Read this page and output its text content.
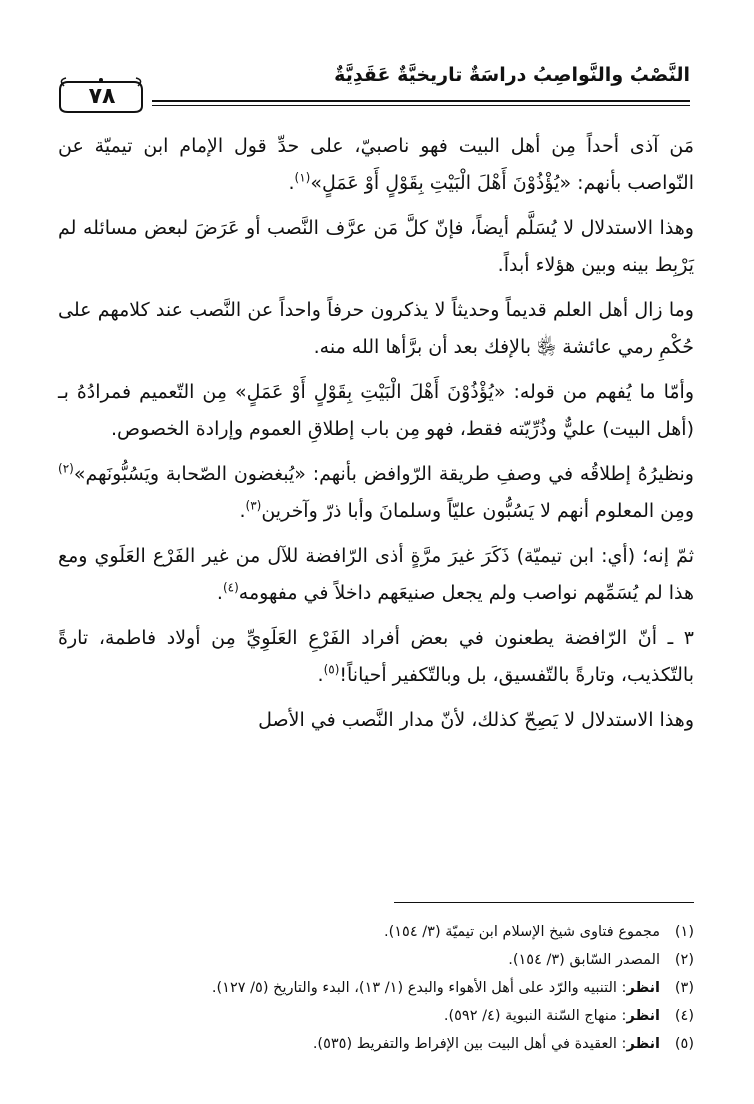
النَّصْبُ والنَّواصِبُ دراسَةٌ تاريخيَّةٌ عَقَدِيَّةٌ
٧٨

مَن آذى أحداً مِن أهل البيت فهو ناصبيّ، على حدِّ قول الإمام ابن تيميّة عن النّواصب بأنهم: «يُؤْذُوْنَ أَهْلَ الْبَيْتِ بِقَوْلٍ أَوْ عَمَلٍ»$^{(١)}$.

وهذا الاستدلال لا يُسَلَّم أيضاً، فإنّ كلَّ مَن عرَّف النَّصب أو عَرَضَ لبعض مسائله لم يَرْبِط بينه وبين هؤلاء أبداً.

وما زال أهل العلم قديماً وحديثاً لا يذكرون حرفاً واحداً عن النَّصب عند كلامهم على حُكْمِ رمي عائشة ﵂ بالإفك بعد أن برَّأها الله منه.

وأمّا ما يُفهم من قوله: «يُؤْذُوْنَ أَهْلَ الْبَيْتِ بِقَوْلٍ أَوْ عَمَلٍ» مِن التّعميم فمرادُهُ بـ (أهل البيت) عليٌّ وذُرِّيّته فقط، فهو مِن باب إطلاقِ العموم وإرادة الخصوص.

ونظيرُهُ إطلاقُه في وصفِ طريقة الرّوافض بأنهم: «يُبغضون الصّحابة ويَسُبُّونَهم»$^{(٢)}$ ومِن المعلوم أنهم لا يَسُبُّون عليّاً وسلمانَ وأبا ذرّ وآخرين$^{(٣)}$.

ثمّ إنه؛ (أي: ابن تيميّة) ذَكَرَ غيرَ مرَّةٍ أذى الرّافضة للآل من غير الفَرْع العَلَوي ومع هذا لم يُسَمِّهم نواصب ولم يجعل صنيعَهم داخلاً في مفهومه$^{(٤)}$.

٣ ـ أنّ الرّافضة يطعنون في بعض أفراد الفَرْعِ العَلَوِيِّ مِن أولاد فاطمة، تارةً بالتّكذيب، وتارةً بالتّفسيق، بل وبالتّكفير أحياناً!$^{(٥)}$.

وهذا الاستدلال لا يَصِحّ كذلك، لأنّ مدار النَّصب في الأصل

(١)
مجموع فتاوى شيخ الإسلام ابن تيميّة (٣/ ١٥٤).
(٢)
المصدر السّابق (٣/ ١٥٤).
(٣)
انظر: التنبيه والرّد على أهل الأهواء والبدع (١/ ١٣)، البدء والتاريخ (٥/ ١٢٧).
(٤)
انظر: منهاج السّنة النبوية (٤/ ٥٩٢).
(٥)
انظر: العقيدة في أهل البيت بين الإفراط والتفريط (٥٣٥).
